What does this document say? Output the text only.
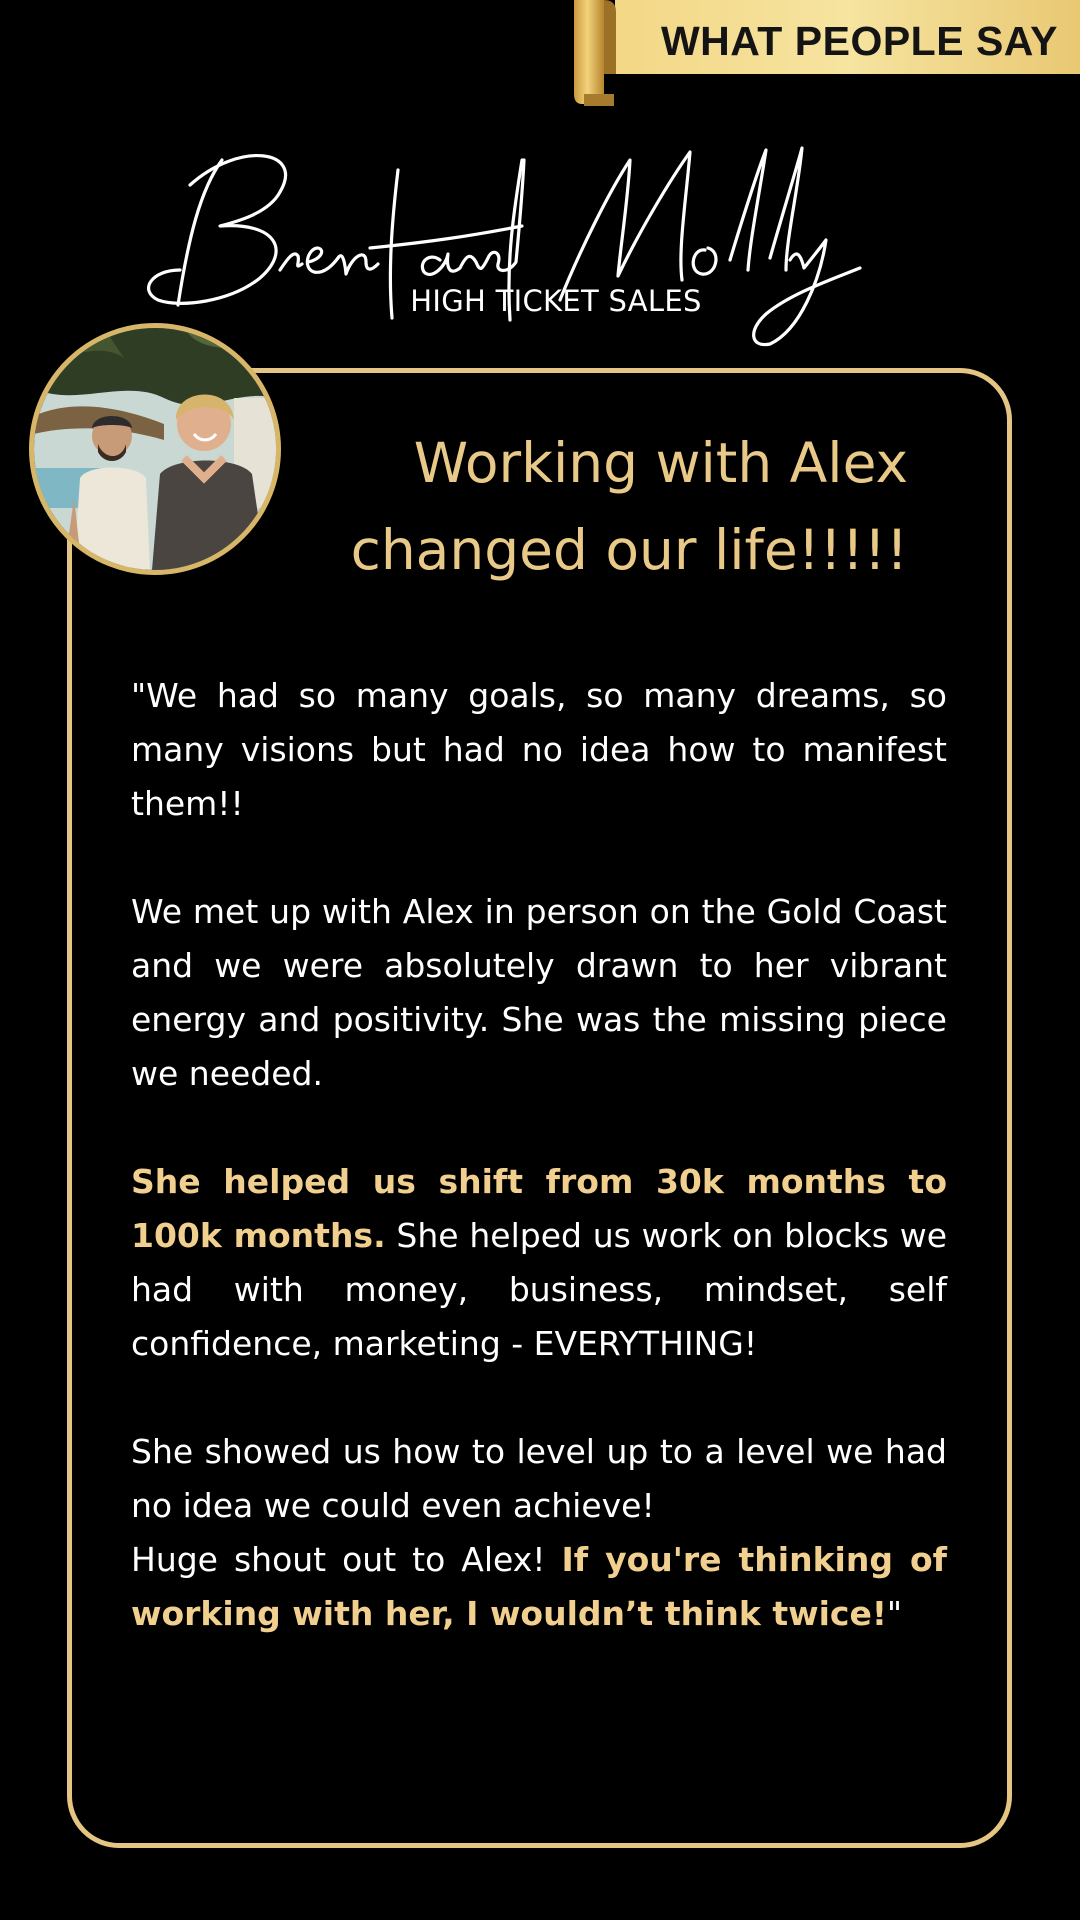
WHAT PEOPLE SAY
HIGH TICKET SALES
Working with Alex
changed our life!!!!!

"We had so many goals, so many dreams, so many visions but had no idea how to manifest them!!

We met up with Alex in person on the Gold Coast and we were absolutely drawn to her vibrant energy and positivity. She was the missing piece we needed.

She helped us shift from 30k months to 100k months. She helped us work on blocks we had with money, business, mindset, self confidence, marketing - EVERYTHING!

She showed us how to level up to a level we had no idea we could even achieve!

Huge shout out to Alex! If you're thinking of working with her, I wouldn’t think twice!"
